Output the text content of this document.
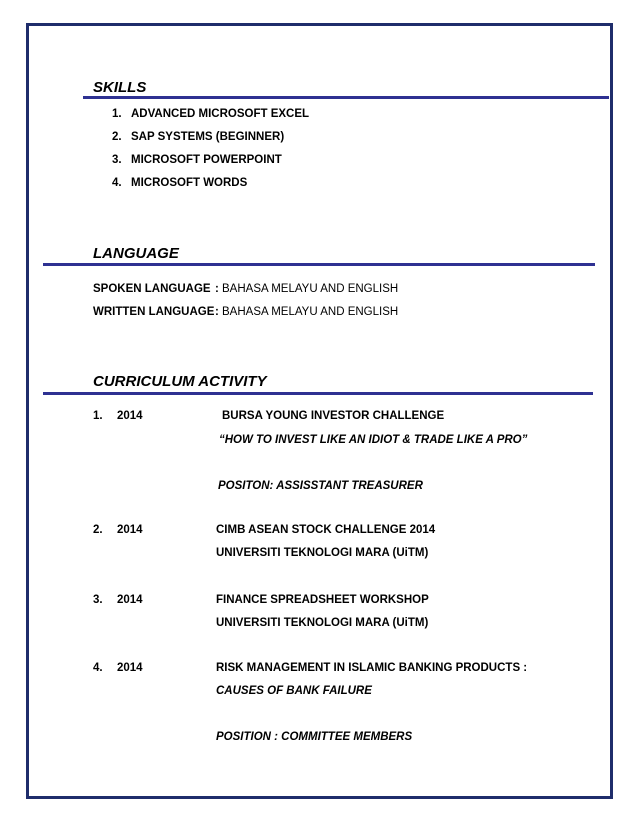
SKILLS
1. ADVANCED MICROSOFT EXCEL
2. SAP SYSTEMS (BEGINNER)
3. MICROSOFT POWERPOINT
4. MICROSOFT WORDS
LANGUAGE
SPOKEN LANGUAGE : BAHASA MELAYU AND ENGLISH
WRITTEN LANGUAGE : BAHASA MELAYU AND ENGLISH
CURRICULUM ACTIVITY
1. 2014	BURSA YOUNG INVESTOR CHALLENGE
“HOW TO INVEST LIKE AN IDIOT & TRADE LIKE A PRO”
POSITON: ASSISSTANT TREASURER
2. 2014	CIMB ASEAN STOCK CHALLENGE 2014
UNIVERSITI TEKNOLOGI MARA (UiTM)
3. 2014	FINANCE SPREADSHEET WORKSHOP
UNIVERSITI TEKNOLOGI MARA (UiTM)
4. 2014	RISK MANAGEMENT IN ISLAMIC BANKING PRODUCTS :
CAUSES OF BANK FAILURE
POSITION : COMMITTEE MEMBERS
